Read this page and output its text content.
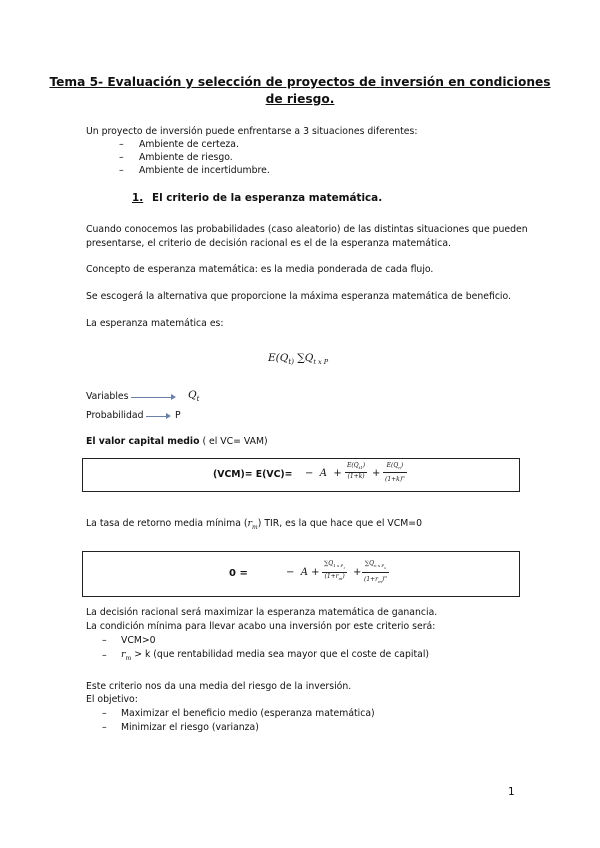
Tema 5- Evaluación y selección de proyectos de inversión en condiciones
de riesgo.
Un proyecto de inversión puede enfrentarse a 3 situaciones diferentes:
– Ambiente de certeza.
– Ambiente de riesgo.
– Ambiente de incertidumbre.
1. El criterio de la esperanza matemática.
Cuando conocemos las probabilidades (caso aleatorio) de las distintas situaciones que pueden
presentarse, el criterio de decisión racional es el de la esperanza matemática.
Concepto de esperanza matemática: es la media ponderada de cada flujo.
Se escogerá la alternativa que proporcione la máxima esperanza matemática de beneficio.
La esperanza matemática es:
$E(Q_{t)}$ $\sum Q_{t x P}$
Variables	$Q_t$
Probabilidad	P
El valor capital medio ( el VC= VAM)
$(VCM)= E(VC)= - A + \frac{E(Q_{t1})}{(1+k)} + \frac{E(Q_n)}{(1+k)^n}$
La tasa de retorno media mínima $(r_m)$ TIR, es la que hace que el VCM=0
0 =	−  $A + \frac{\sum Q_{1 x P_1}}{(1+r_m)} + \frac{\sum Q_{n x P_n}}{(1+r_m)^n}$
La decisión racional será maximizar la esperanza matemática de ganancia.
La condición mínima para llevar acabo una inversión por este criterio será:
– VCM>0
– $r_m > k$ (que rentabilidad media sea mayor que el coste de capital)
Este criterio nos da una media del riesgo de la inversión.
El objetivo:
– Maximizar el beneficio medio (esperanza matemática)
– Minimizar el riesgo (varianza)
1
